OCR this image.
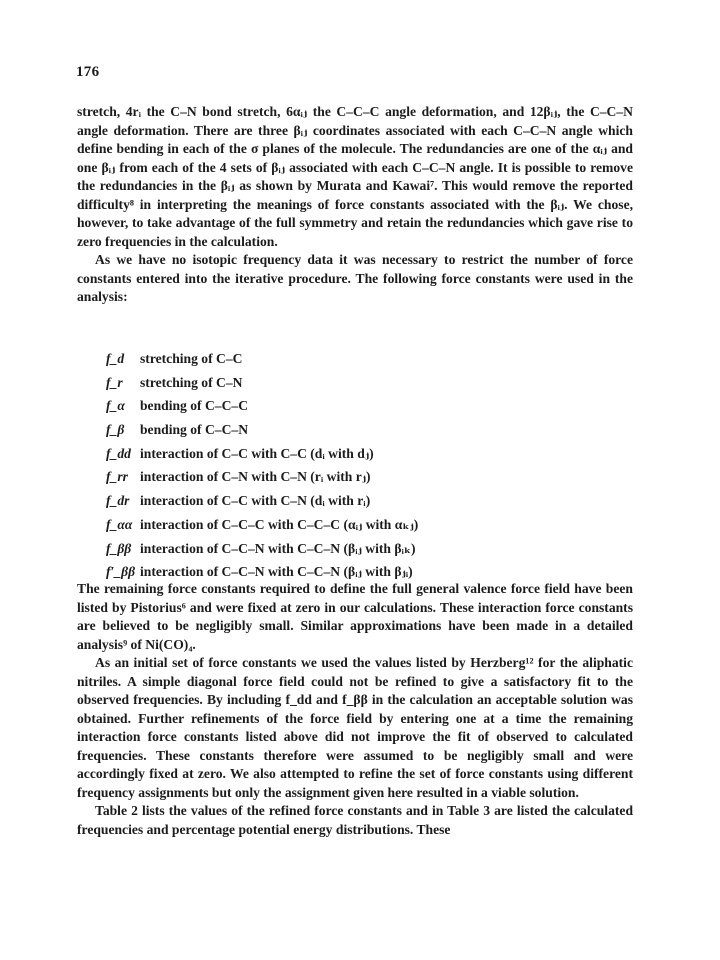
176

stretch, 4rᵢ the C–N bond stretch, 6αᵢⱼ the C–C–C angle deformation, and 12βᵢⱼ, the C–C–N angle deformation. There are three βᵢⱼ coordinates associated with each C–C–N angle which define bending in each of the σ planes of the molecule. The redundancies are one of the αᵢⱼ and one βᵢⱼ from each of the 4 sets of βᵢⱼ associated with each C–C–N angle. It is possible to remove the redundancies in the βᵢⱼ as shown by Murata and Kawai⁷. This would remove the reported difficulty⁸ in interpreting the meanings of force constants associated with the βᵢⱼ. We chose, however, to take advantage of the full symmetry and retain the redundancies which gave rise to zero frequencies in the calculation.

As we have no isotopic frequency data it was necessary to restrict the number of force constants entered into the iterative procedure. The following force constants were used in the analysis:

f_d stretching of C–C
f_r stretching of C–N
f_α bending of C–C–C
f_β bending of C–C–N
f_dd interaction of C–C with C–C (dᵢ with dⱼ)
f_rr interaction of C–N with C–N (rᵢ with rⱼ)
f_dr interaction of C–C with C–N (dᵢ with rᵢ)
f_αα interaction of C–C–C with C–C–C (αᵢⱼ with αₖⱼ)
f_ββ interaction of C–C–N with C–C–N (βᵢⱼ with βᵢₖ)
f′_ββ interaction of C–C–N with C–C–N (βᵢⱼ with βⱼᵢ)

The remaining force constants required to define the full general valence force field have been listed by Pistorius⁶ and were fixed at zero in our calculations. These interaction force constants are believed to be negligibly small. Similar approximations have been made in a detailed analysis⁹ of Ni(CO)₄.

As an initial set of force constants we used the values listed by Herzberg¹² for the aliphatic nitriles. A simple diagonal force field could not be refined to give a satisfactory fit to the observed frequencies. By including f_dd and f_ββ in the calculation an acceptable solution was obtained. Further refinements of the force field by entering one at a time the remaining interaction force constants listed above did not improve the fit of observed to calculated frequencies. These constants therefore were assumed to be negligibly small and were accordingly fixed at zero. We also attempted to refine the set of force constants using different frequency assignments but only the assignment given here resulted in a viable solution.

Table 2 lists the values of the refined force constants and in Table 3 are listed the calculated frequencies and percentage potential energy distributions. These
